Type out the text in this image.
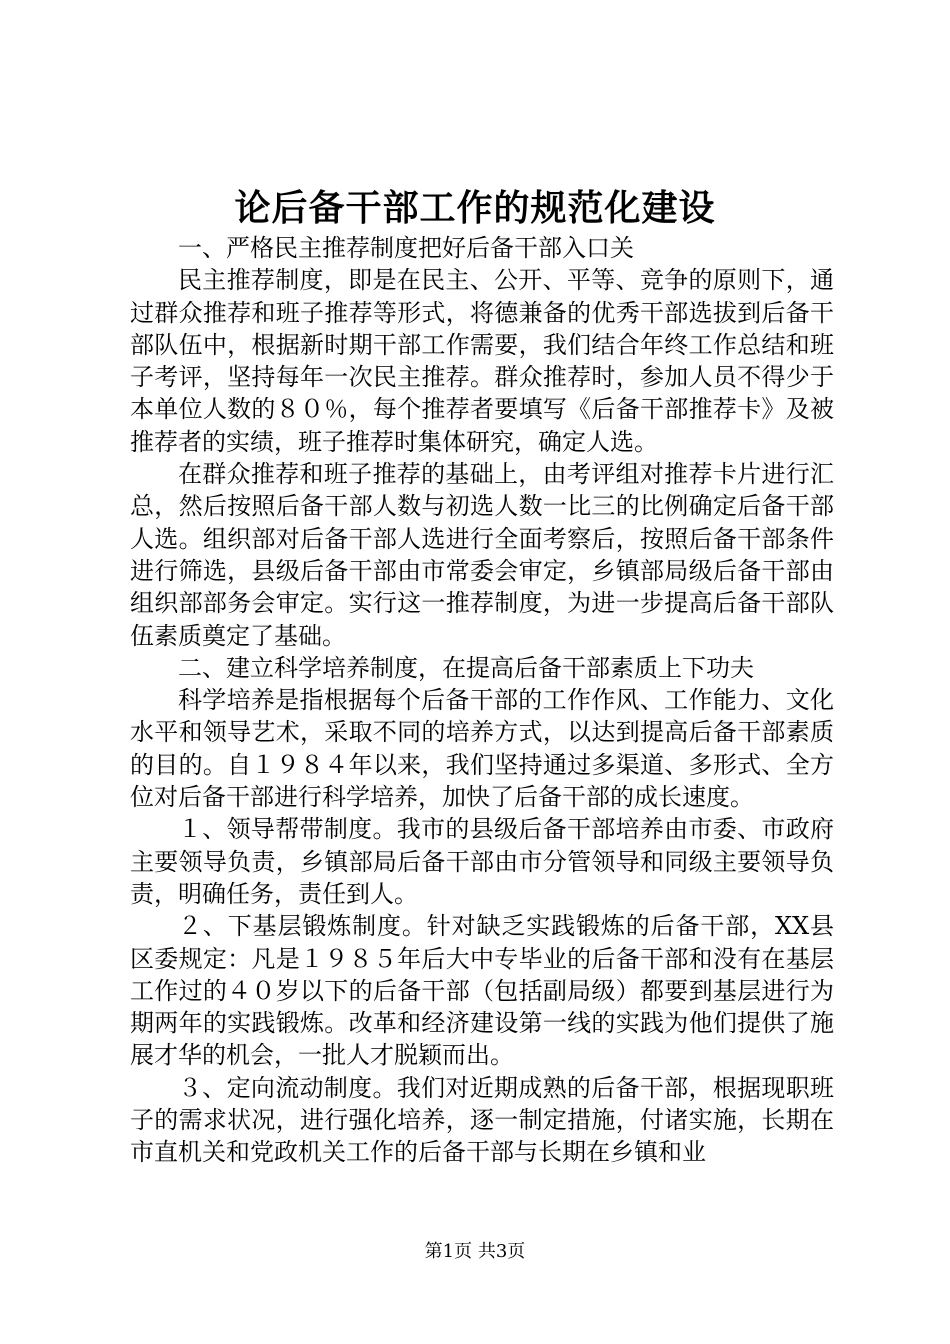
论后备干部工作的规范化建设

一、严格民主推荐制度把好后备干部入口关

民主推荐制度，即是在民主、公开、平等、竞争的原则下，通过群众推荐和班子推荐等形式，将德兼备的优秀干部选拔到后备干部队伍中，根据新时期干部工作需要，我们结合年终工作总结和班子考评，坚持每年一次民主推荐。群众推荐时，参加人员不得少于本单位人数的８０％，每个推荐者要填写《后备干部推荐卡》及被推荐者的实绩，班子推荐时集体研究，确定人选。

在群众推荐和班子推荐的基础上，由考评组对推荐卡片进行汇总，然后按照后备干部人数与初选人数一比三的比例确定后备干部人选。组织部对后备干部人选进行全面考察后，按照后备干部条件进行筛选，县级后备干部由市常委会审定，乡镇部局级后备干部由组织部部务会审定。实行这一推荐制度，为进一步提高后备干部队伍素质奠定了基础。

二、建立科学培养制度，在提高后备干部素质上下功夫

科学培养是指根据每个后备干部的工作作风、工作能力、文化水平和领导艺术，采取不同的培养方式，以达到提高后备干部素质的目的。自１９８４年以来，我们坚持通过多渠道、多形式、全方位对后备干部进行科学培养，加快了后备干部的成长速度。

１、领导帮带制度。我市的县级后备干部培养由市委、市政府主要领导负责，乡镇部局后备干部由市分管领导和同级主要领导负责，明确任务，责任到人。

２、下基层锻炼制度。针对缺乏实践锻炼的后备干部，XX县区委规定：凡是１９８５年后大中专毕业的后备干部和没有在基层工作过的４０岁以下的后备干部（包括副局级）都要到基层进行为期两年的实践锻炼。改革和经济建设第一线的实践为他们提供了施展才华的机会，一批人才脱颖而出。

３、定向流动制度。我们对近期成熟的后备干部，根据现职班子的需求状况，进行强化培养，逐一制定措施，付诸实施，长期在市直机关和党政机关工作的后备干部与长期在乡镇和业

第1页 共3页
